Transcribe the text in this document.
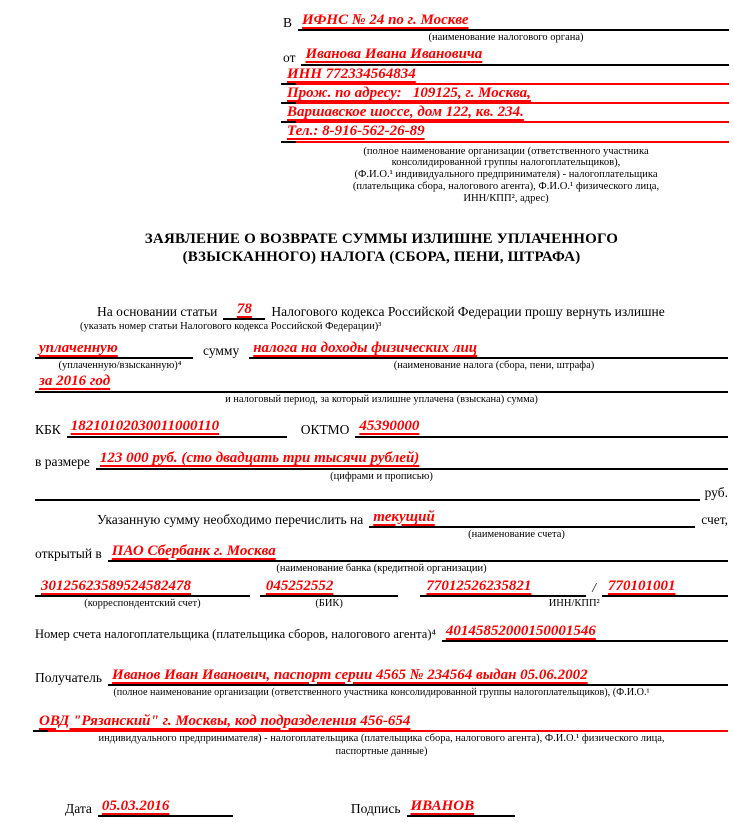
В ИФНС № 24 по г. Москве
(наименование налогового органа)
от Иванова Ивана Ивановича
ИНН 772334564834
Прож. по адресу:   109125, г. Москва,
Варшавское шоссе, дом 122, кв. 234.
Тел.: 8-916-562-26-89
(полное наименование организации (ответственного участника
консолидированной группы налогоплательщиков),
(Ф.И.О.¹ индивидуального предпринимателя) - налогоплательщика
(плательщика сбора, налогового агента), Ф.И.О.¹ физического лица,
ИНН/КПП², адрес)
ЗАЯВЛЕНИЕ О ВОЗВРАТЕ СУММЫ ИЗЛИШНЕ УПЛАЧЕННОГО
(ВЗЫСКАННОГО) НАЛОГА (СБОРА, ПЕНИ, ШТРАФА)
На основании статьи	78	Налогового кодекса Российской Федерации прошу вернуть излишне
(указать номер статьи Налогового кодекса Российской Федерации)³
уплаченную	сумму налога на доходы физических лиц
(уплаченную/взысканную)⁴	(наименование налога (сбора, пени, штрафа)
за 2016 год
и налоговый период, за который излишне уплачена (взыскана) сумма)
КБК 18210102030011000110	ОКТМО 45390000
в размере 123 000 руб. (сто двадцать три тысячи рублей)
(цифрами и прописью)
руб.
Указанную сумму необходимо перечислить на текущий	счет,
(наименование счета)
открытый в ПАО Сбербанк г. Москва
(наименование банка (кредитной организации)
30125623589524582478
(корреспондентский счет)
045252552
(БИК)
77012526235821	/ 770101001
ИНН/КПП²
Номер счета налогоплательщика (плательщика сборов, налогового агента)⁴ 40145852000150001546
Получатель Иванов Иван Иванович, паспорт серии 4565 № 234564 выдан 05.06.2002
(полное наименование организации (ответственного участника консолидированной группы налогоплательщиков), (Ф.И.О.¹
ОВД "Рязанский" г. Москвы, код подразделения 456-654
индивидуального предпринимателя) - налогоплательщика (плательщика сбора, налогового агента), Ф.И.О.¹ физического лица,
паспортные данные)
Дата 05.03.2016	Подпись ИВАНОВ
